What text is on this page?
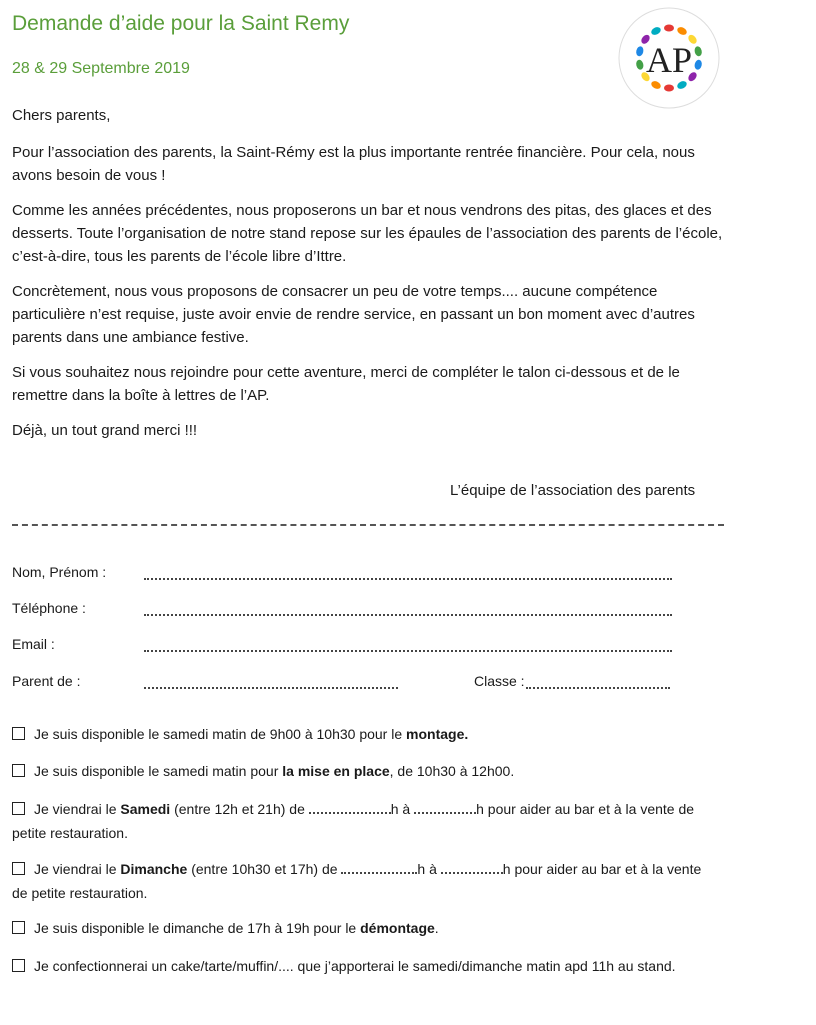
Demande d’aide pour la Saint Remy
28 & 29 Septembre 2019	AP

Chers parents,

Pour l’association des parents, la Saint-Rémy est la plus importante rentrée financière. Pour cela, nous avons besoin de vous !

Comme les années précédentes, nous proposerons un bar et nous vendrons des pitas, des glaces et des desserts. Toute l’organisation de notre stand repose sur les épaules de l’association des parents de l’école, c’est-à-dire, tous les parents de l’école libre d’Ittre.

Concrètement, nous vous proposons de consacrer un peu de votre temps.... aucune compétence particulière n’est requise, juste avoir envie de rendre service, en passant un bon moment avec d’autres parents dans une ambiance festive.

Si vous souhaitez nous rejoindre pour cette aventure, merci de compléter le talon ci-dessous et de le remettre dans la boîte à lettres de l’AP.

Déjà, un tout grand merci !!!

L’équipe de l’association des parents
Nom, Prénom :
Téléphone :
Email :
Parent de :	Classe :
Je suis disponible le samedi matin de 9h00 à 10h30 pour le montage.
Je suis disponible le samedi matin pour la mise en place, de 10h30 à 12h00.
Je viendrai le Samedi (entre 12h et 21h) de	h à	h pour aider au bar et à la vente de petite restauration.
Je viendrai le Dimanche (entre 10h30 et 17h) de	h à	h pour aider au bar et à la vente de petite restauration.
Je suis disponible le dimanche de 17h à 19h pour le démontage.
Je confectionnerai un cake/tarte/muffin/.... que j’apporterai le samedi/dimanche matin apd 11h au stand.
